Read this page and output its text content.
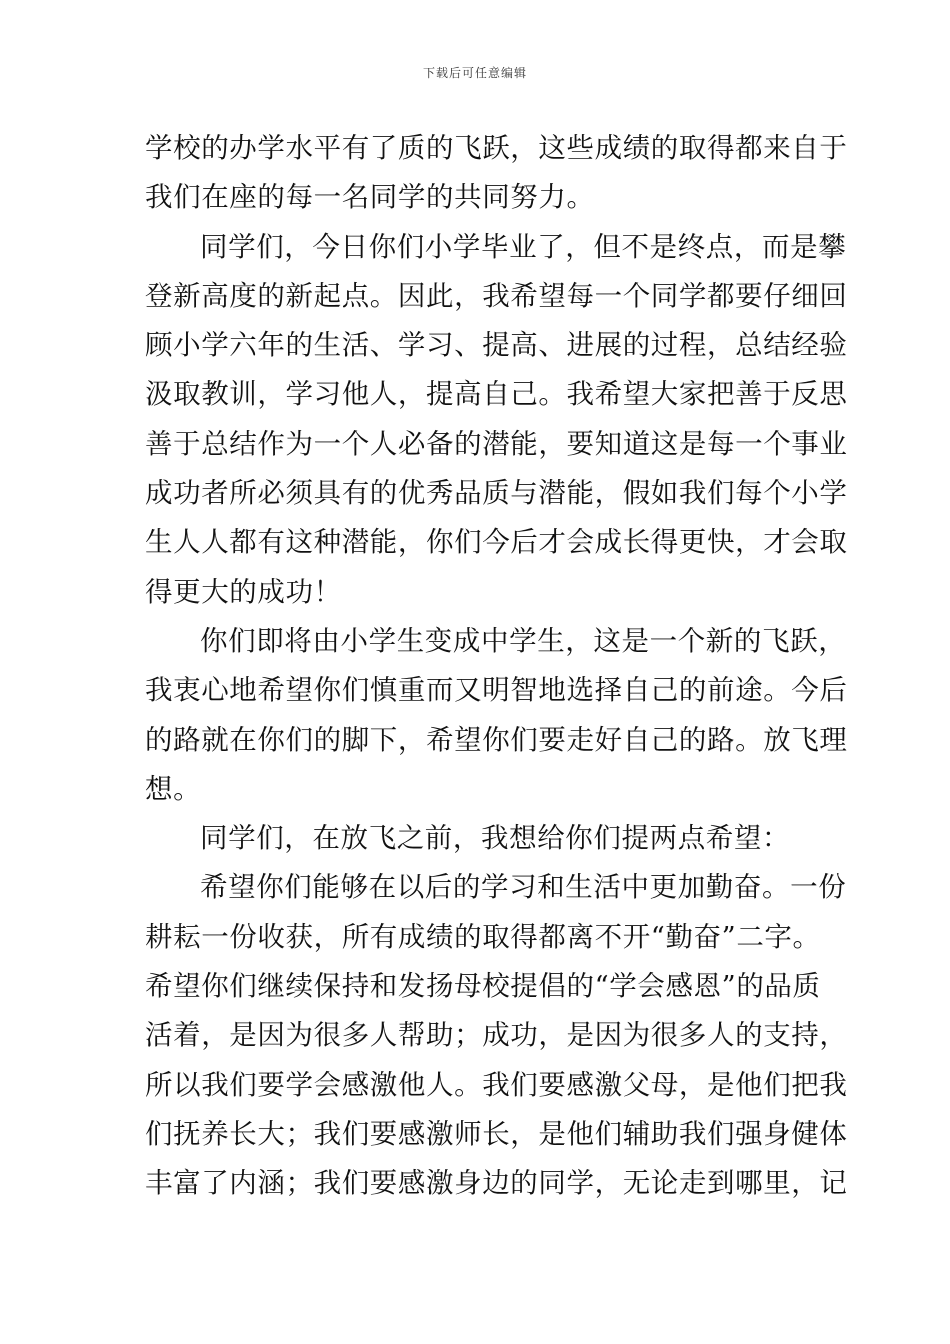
下载后可任意编辑
学校的办学水平有了质的飞跃，这些成绩的取得都来自于
我们在座的每一名同学的共同努力。
同学们，今日你们小学毕业了，但不是终点，而是攀
登新高度的新起点。因此，我希望每一个同学都要仔细回
顾小学六年的生活、学习、提高、进展的过程，总结经验
汲取教训，学习他人，提高自己。我希望大家把善于反思
善于总结作为一个人必备的潜能，要知道这是每一个事业
成功者所必须具有的优秀品质与潜能，假如我们每个小学
生人人都有这种潜能，你们今后才会成长得更快，才会取
得更大的成功！
你们即将由小学生变成中学生，这是一个新的飞跃，
我衷心地希望你们慎重而又明智地选择自己的前途。今后
的路就在你们的脚下，希望你们要走好自己的路。放飞理
想。
同学们，在放飞之前，我想给你们提两点希望：
希望你们能够在以后的学习和生活中更加勤奋。一份
耕耘一份收获，所有成绩的取得都离不开“勤奋”二字。
希望你们继续保持和发扬母校提倡的“学会感恩”的品质
活着，是因为很多人帮助；成功，是因为很多人的支持，
所以我们要学会感激他人。我们要感激父母，是他们把我
们抚养长大；我们要感激师长，是他们辅助我们强身健体
丰富了内涵；我们要感激身边的同学，无论走到哪里，记
